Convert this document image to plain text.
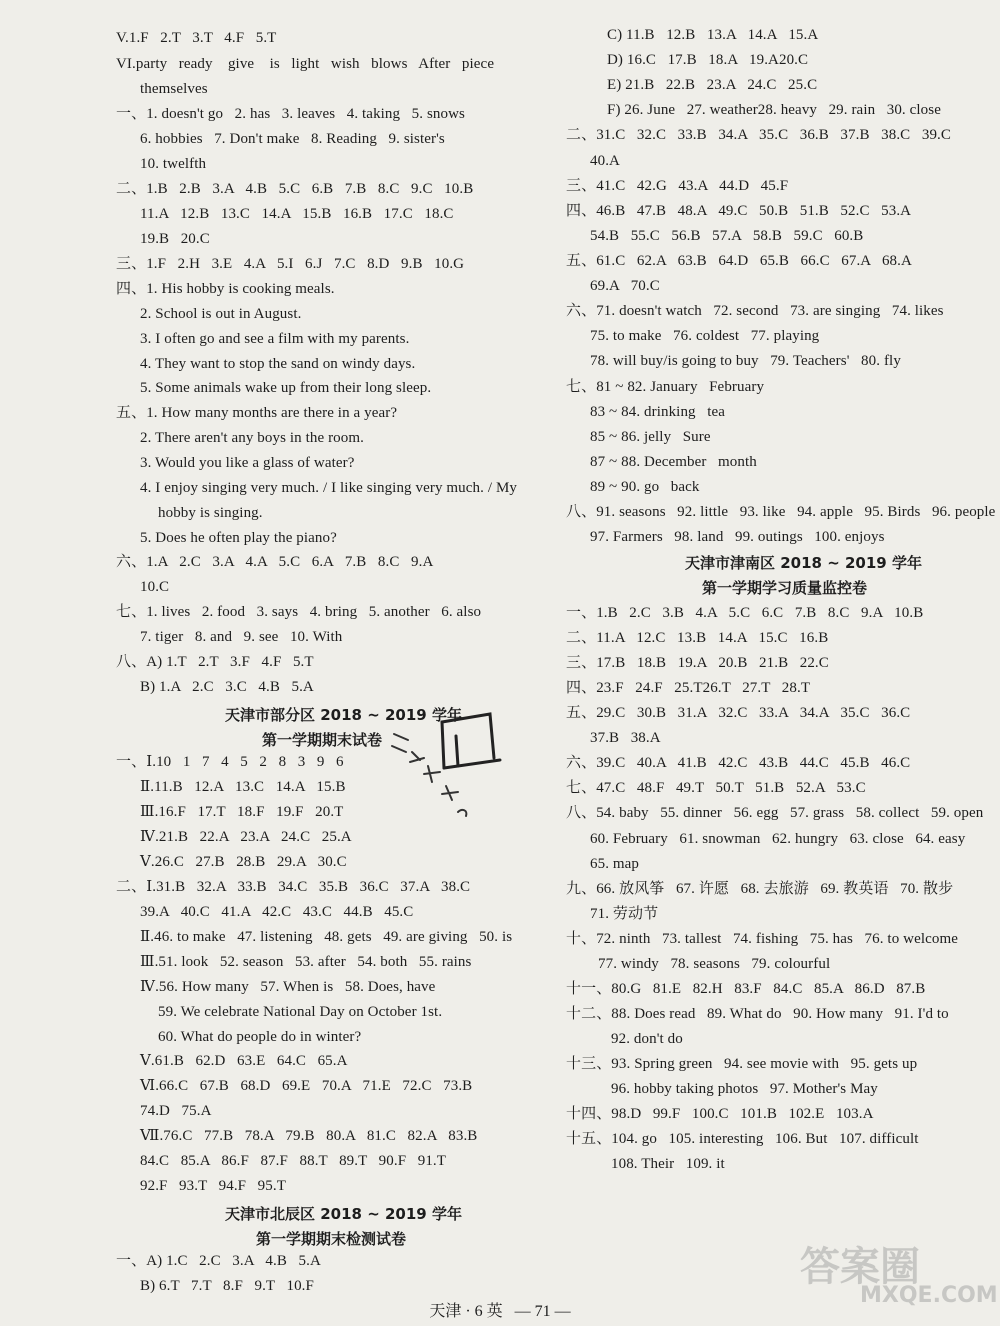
V.1.F   2.T   3.T   4.F   5.T
VI.party   ready    give    is   light   wish   blows   After   piece
themselves
一、1. doesn't go   2. has   3. leaves   4. taking   5. snows
6. hobbies   7. Don't make   8. Reading   9. sister's
10. twelfth
二、1.B   2.B   3.A   4.B   5.C   6.B   7.B   8.C   9.C   10.B
11.A   12.B   13.C   14.A   15.B   16.B   17.C   18.C
19.B   20.C
三、1.F   2.H   3.E   4.A   5.I   6.J   7.C   8.D   9.B   10.G
四、1. His hobby is cooking meals.
2. School is out in August.
3. I often go and see a film with my parents.
4. They want to stop the sand on windy days.
5. Some animals wake up from their long sleep.
五、1. How many months are there in a year?
2. There aren't any boys in the room.
3. Would you like a glass of water?
4. I enjoy singing very much. / I like singing very much. / My
hobby is singing.
5. Does he often play the piano?
六、1.A   2.C   3.A   4.A   5.C   6.A   7.B   8.C   9.A
10.C
七、1. lives   2. food   3. says   4. bring   5. another   6. also
7. tiger   8. and   9. see   10. With
八、A) 1.T   2.T   3.F   4.F   5.T
B) 1.A   2.C   3.C   4.B   5.A
一、Ⅰ.10   1   7   4   5   2   8   3   9   6
Ⅱ.11.B   12.A   13.C   14.A   15.B
Ⅲ.16.F   17.T   18.F   19.F   20.T
Ⅳ.21.B   22.A   23.A   24.C   25.A
Ⅴ.26.C   27.B   28.B   29.A   30.C
二、Ⅰ.31.B   32.A   33.B   34.C   35.B   36.C   37.A   38.C
39.A   40.C   41.A   42.C   43.C   44.B   45.C
Ⅱ.46. to make   47. listening   48. gets   49. are giving   50. is
Ⅲ.51. look   52. season   53. after   54. both   55. rains
Ⅳ.56. How many   57. When is   58. Does, have
59. We celebrate National Day on October 1st.
60. What do people do in winter?
Ⅴ.61.B   62.D   63.E   64.C   65.A
Ⅵ.66.C   67.B   68.D   69.E   70.A   71.E   72.C   73.B
74.D   75.A
Ⅶ.76.C   77.B   78.A   79.B   80.A   81.C   82.A   83.B
84.C   85.A   86.F   87.F   88.T   89.T   90.F   91.T
92.F   93.T   94.F   95.T
一、A) 1.C   2.C   3.A   4.B   5.A
B) 6.T   7.T   8.F   9.T   10.F
天津市部分区 2018 ~ 2019 学年
第一学期期末试卷
天津市北辰区 2018 ~ 2019 学年
第一学期期末检测试卷
C) 11.B   12.B   13.A   14.A   15.A
D) 16.C   17.B   18.A   19.A20.C
E) 21.B   22.B   23.A   24.C   25.C
F) 26. June   27. weather28. heavy   29. rain   30. close
二、31.C   32.C   33.B   34.A   35.C   36.B   37.B   38.C   39.C
40.A
三、41.C   42.G   43.A   44.D   45.F
四、46.B   47.B   48.A   49.C   50.B   51.B   52.C   53.A
54.B   55.C   56.B   57.A   58.B   59.C   60.B
五、61.C   62.A   63.B   64.D   65.B   66.C   67.A   68.A
69.A   70.C
六、71. doesn't watch   72. second   73. are singing   74. likes
75. to make   76. coldest   77. playing
78. will buy/is going to buy   79. Teachers'   80. fly
七、81 ~ 82. January   February
83 ~ 84. drinking   tea
85 ~ 86. jelly   Sure
87 ~ 88. December   month
89 ~ 90. go   back
八、91. seasons   92. little   93. like   94. apple   95. Birds   96. people
97. Farmers   98. land   99. outings   100. enjoys
一、1.B   2.C   3.B   4.A   5.C   6.C   7.B   8.C   9.A   10.B
二、11.A   12.C   13.B   14.A   15.C   16.B
三、17.B   18.B   19.A   20.B   21.B   22.C
四、23.F   24.F   25.T26.T   27.T   28.T
五、29.C   30.B   31.A   32.C   33.A   34.A   35.C   36.C
37.B   38.A
六、39.C   40.A   41.B   42.C   43.B   44.C   45.B   46.C
七、47.C   48.F   49.T   50.T   51.B   52.A   53.C
八、54. baby   55. dinner   56. egg   57. grass   58. collect   59. open
60. February   61. snowman   62. hungry   63. close   64. easy
65. map
九、66. 放风筝   67. 许愿   68. 去旅游   69. 教英语   70. 散步
71. 劳动节
十、72. ninth   73. tallest   74. fishing   75. has   76. to welcome
77. windy   78. seasons   79. colourful
十一、80.G   81.E   82.H   83.F   84.C   85.A   86.D   87.B
十二、88. Does read   89. What do   90. How many   91. I'd to
92. don't do
十三、93. Spring green   94. see movie with   95. gets up
96. hobby taking photos   97. Mother's May
十四、98.D   99.F   100.C   101.B   102.E   103.A
十五、104. go   105. interesting   106. But   107. difficult
108. Their   109. it
天津市津南区 2018 ~ 2019 学年
第一学期学习质量监控卷
天津 · 6 英   — 71 —
答案圈
MXQE.COM
